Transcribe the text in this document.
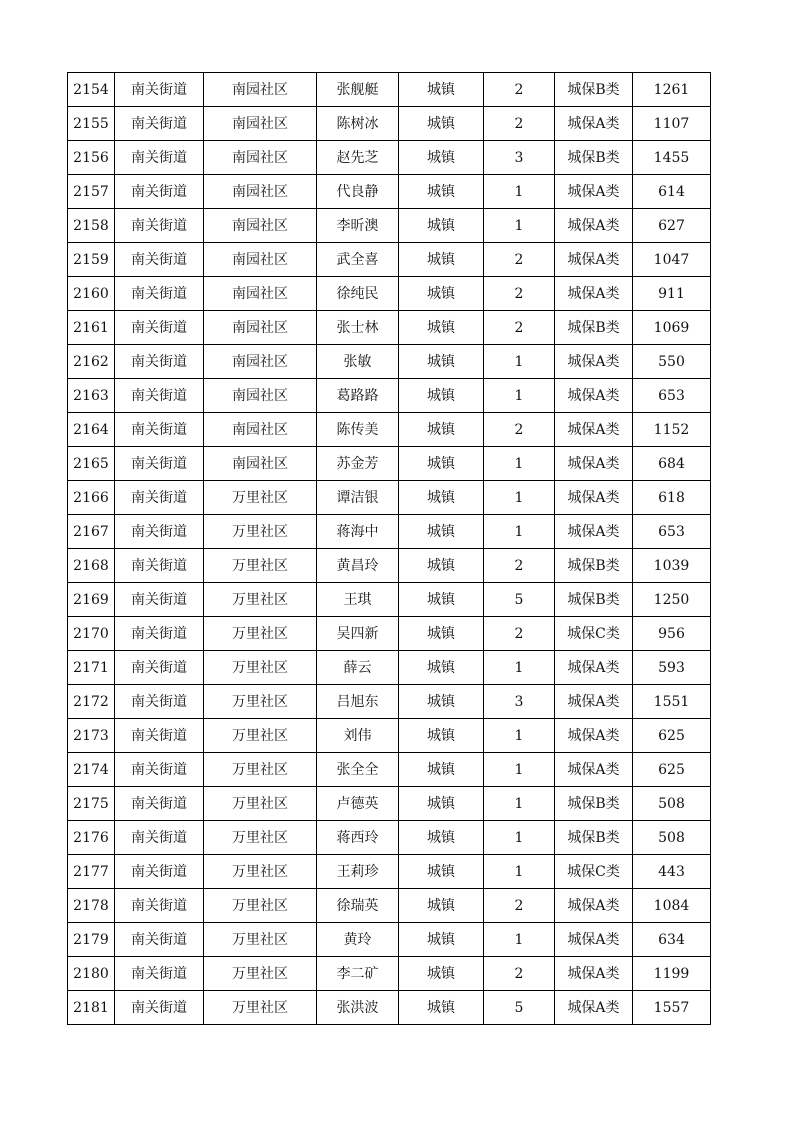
2154	南关街道	南园社区	张舰艇	城镇	2	城保B类	1261
2155	南关街道	南园社区	陈树冰	城镇	2	城保A类	1107
2156	南关街道	南园社区	赵先芝	城镇	3	城保B类	1455
2157	南关街道	南园社区	代良静	城镇	1	城保A类	614
2158	南关街道	南园社区	李昕澳	城镇	1	城保A类	627
2159	南关街道	南园社区	武全喜	城镇	2	城保A类	1047
2160	南关街道	南园社区	徐纯民	城镇	2	城保A类	911
2161	南关街道	南园社区	张士林	城镇	2	城保B类	1069
2162	南关街道	南园社区	张敏	城镇	1	城保A类	550
2163	南关街道	南园社区	葛路路	城镇	1	城保A类	653
2164	南关街道	南园社区	陈传美	城镇	2	城保A类	1152
2165	南关街道	南园社区	苏金芳	城镇	1	城保A类	684
2166	南关街道	万里社区	谭洁银	城镇	1	城保A类	618
2167	南关街道	万里社区	蒋海中	城镇	1	城保A类	653
2168	南关街道	万里社区	黄昌玲	城镇	2	城保B类	1039
2169	南关街道	万里社区	王琪	城镇	5	城保B类	1250
2170	南关街道	万里社区	吴四新	城镇	2	城保C类	956
2171	南关街道	万里社区	薛云	城镇	1	城保A类	593
2172	南关街道	万里社区	吕旭东	城镇	3	城保A类	1551
2173	南关街道	万里社区	刘伟	城镇	1	城保A类	625
2174	南关街道	万里社区	张全全	城镇	1	城保A类	625
2175	南关街道	万里社区	卢德英	城镇	1	城保B类	508
2176	南关街道	万里社区	蒋西玲	城镇	1	城保B类	508
2177	南关街道	万里社区	王莉珍	城镇	1	城保C类	443
2178	南关街道	万里社区	徐瑞英	城镇	2	城保A类	1084
2179	南关街道	万里社区	黄玲	城镇	1	城保A类	634
2180	南关街道	万里社区	李二矿	城镇	2	城保A类	1199
2181	南关街道	万里社区	张洪波	城镇	5	城保A类	1557
